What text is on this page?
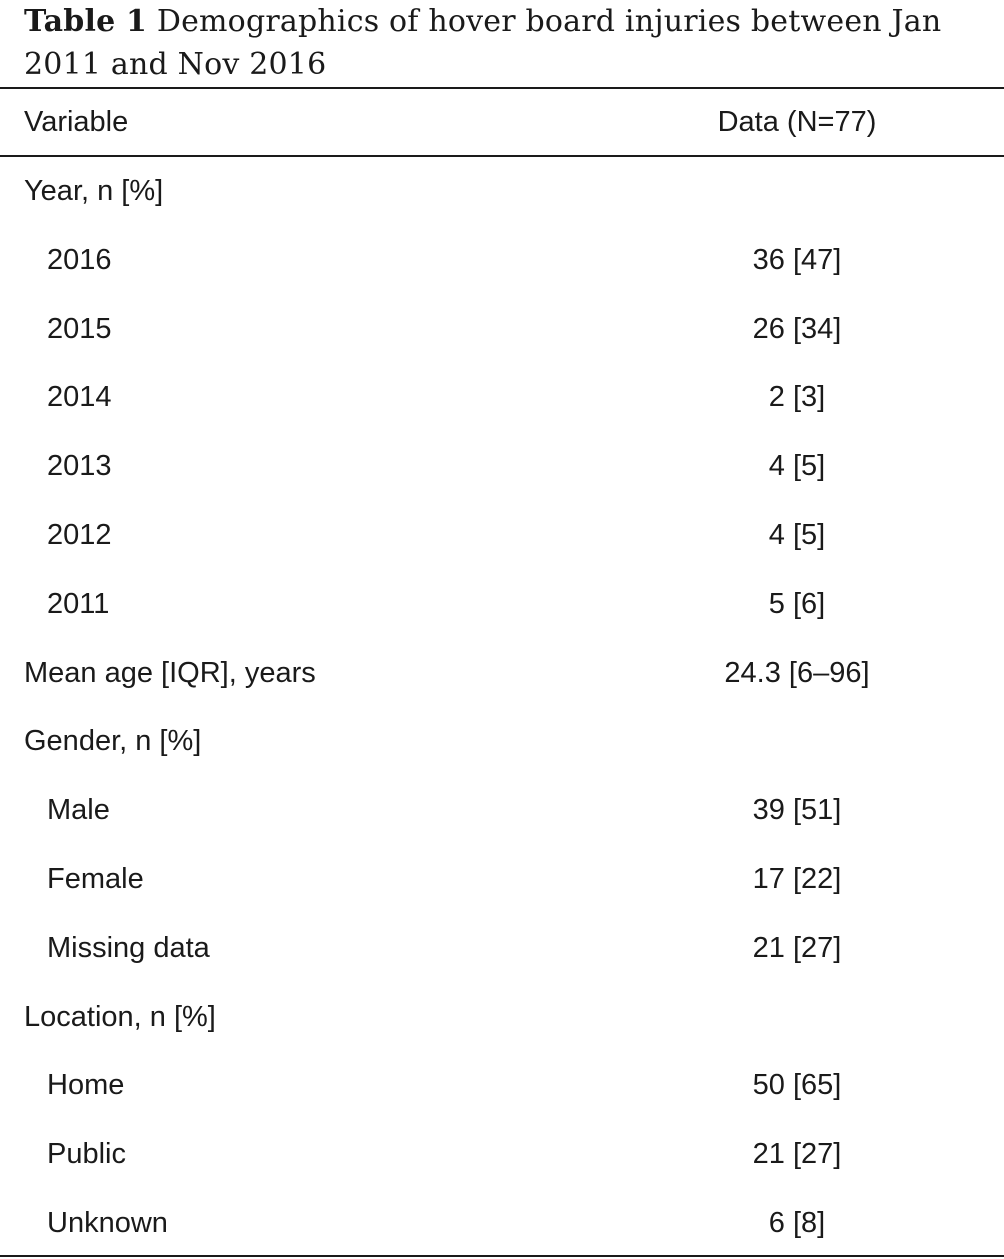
Table 1 Demographics of hover board injuries between Jan 2011 and Nov 2016
Variable	Data (N=77)
Year, n [%]
2016	36 [47]
2015	26 [34]
2014	2 [3]
2013	4 [5]
2012	4 [5]
2011	5 [6]
Mean age [IQR], years	24.3 [6–96]
Gender, n [%]
Male	39 [51]
Female	17 [22]
Missing data	21 [27]
Location, n [%]
Home	50 [65]
Public	21 [27]
Unknown	6 [8]
